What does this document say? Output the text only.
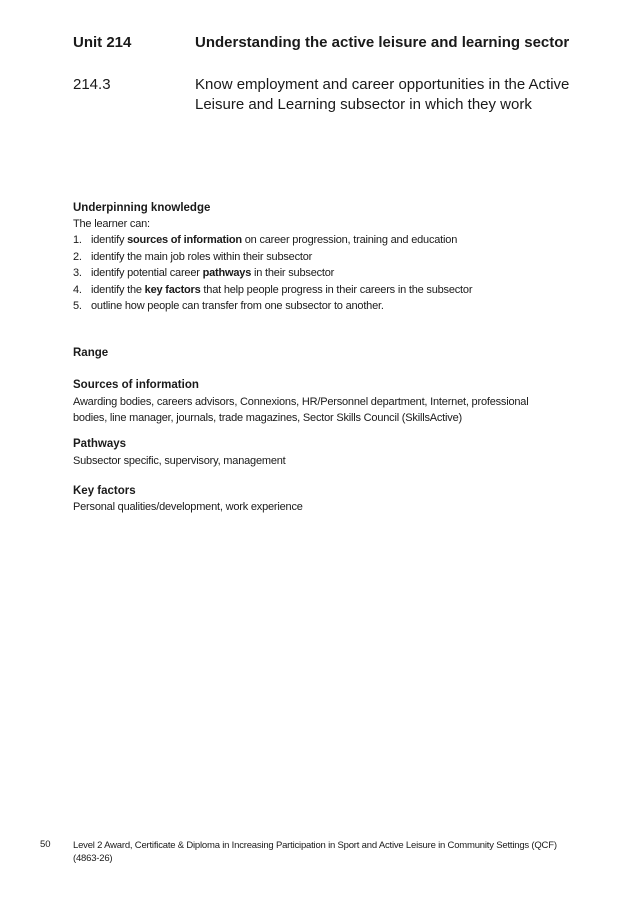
Unit 214	Understanding the active leisure and learning sector
214.3	Know employment and career opportunities in the Active Leisure and Learning subsector in which they work
Underpinning knowledge
The learner can:
1. identify sources of information on career progression, training and education
2. identify the main job roles within their subsector
3. identify potential career pathways in their subsector
4. identify the key factors that help people progress in their careers in the subsector
5. outline how people can transfer from one subsector to another.
Range
Sources of information
Awarding bodies, careers advisors, Connexions, HR/Personnel department, Internet, professional bodies, line manager, journals, trade magazines, Sector Skills Council (SkillsActive)
Pathways
Subsector specific, supervisory, management
Key factors
Personal qualities/development, work experience
50 Level 2 Award, Certificate & Diploma in Increasing Participation in Sport and Active Leisure in Community Settings (QCF) (4863-26)
